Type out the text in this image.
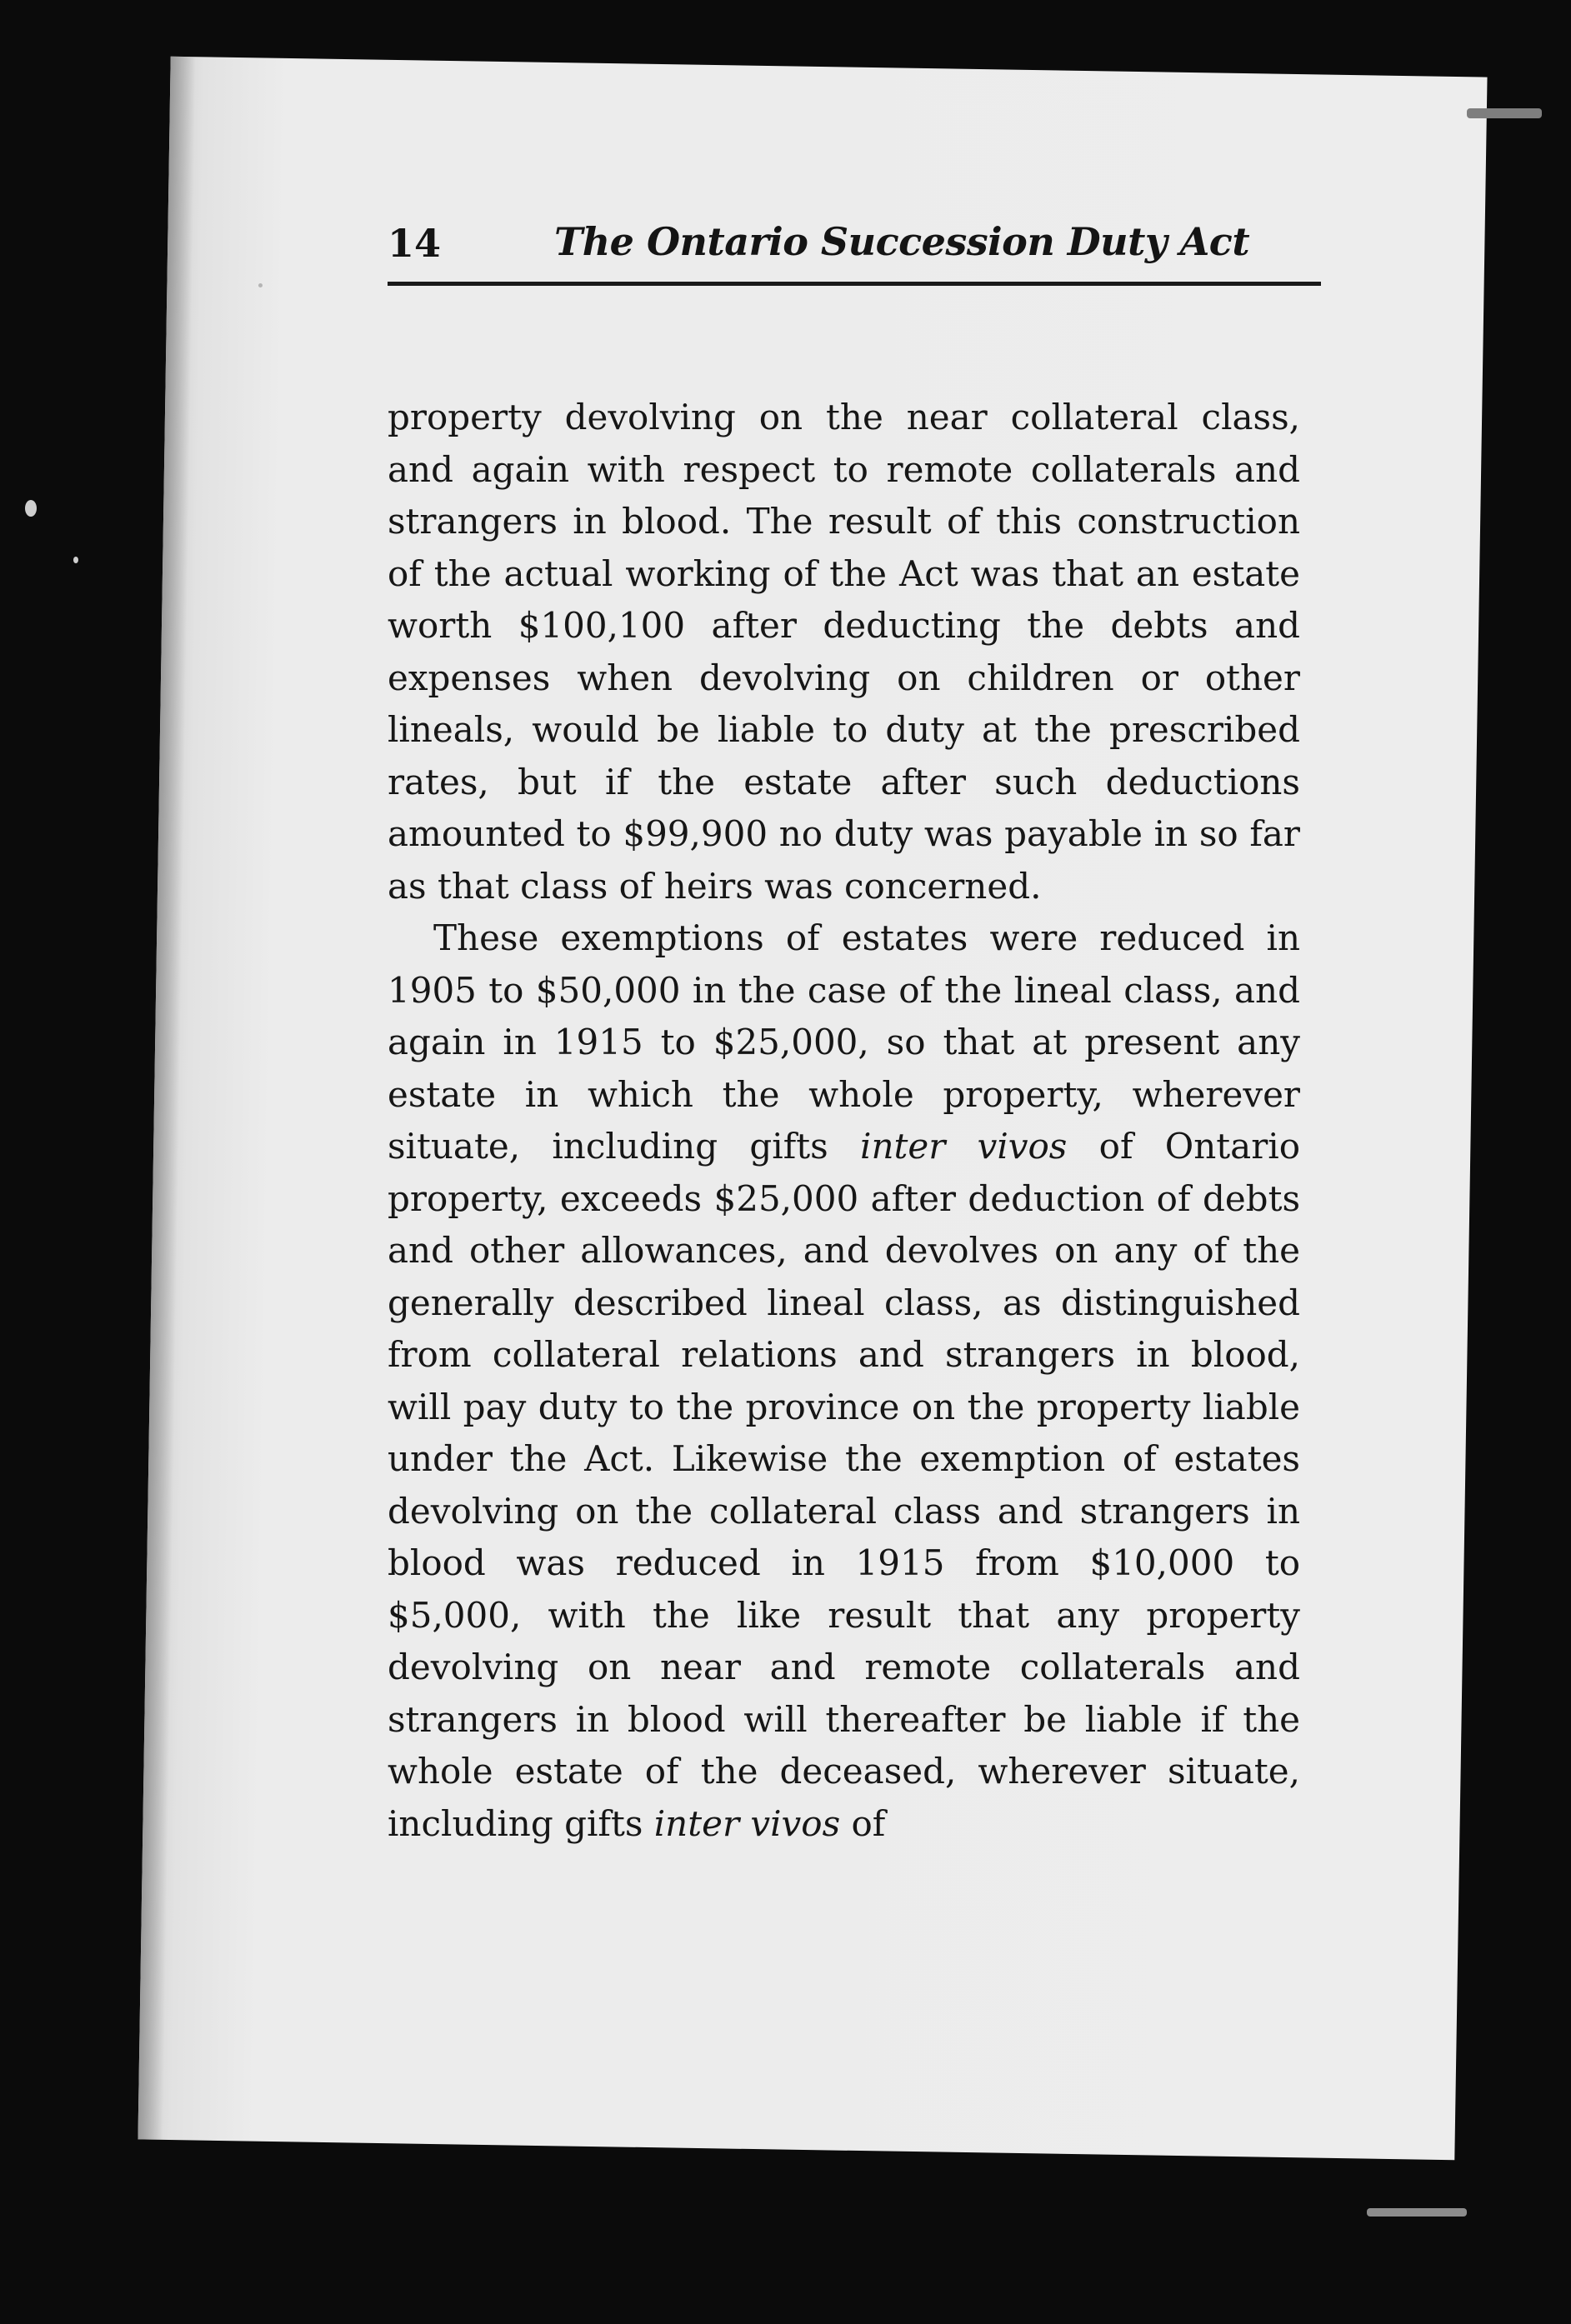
14	The Ontario Succession Duty Act

property devolving on the near collateral class, and again with respect to remote collaterals and strangers in blood. The result of this construction of the actual working of the Act was that an estate worth $100,100 after deducting the debts and expenses when devolving on children or other lineals, would be liable to duty at the prescribed rates, but if the estate after such deductions amounted to $99,900 no duty was payable in so far as that class of heirs was concerned.

These exemptions of estates were reduced in 1905 to $50,000 in the case of the lineal class, and again in 1915 to $25,000, so that at present any estate in which the whole property, wherever situate, including gifts inter vivos of Ontario property, exceeds $25,000 after deduction of debts and other allowances, and devolves on any of the generally described lineal class, as distinguished from collateral relations and strangers in blood, will pay duty to the province on the property liable under the Act. Likewise the exemption of estates devolving on the collateral class and strangers in blood was reduced in 1915 from $10,000 to $5,000, with the like result that any property devolving on near and remote collaterals and strangers in blood will thereafter be liable if the whole estate of the deceased, wherever situate, including gifts inter vivos of
